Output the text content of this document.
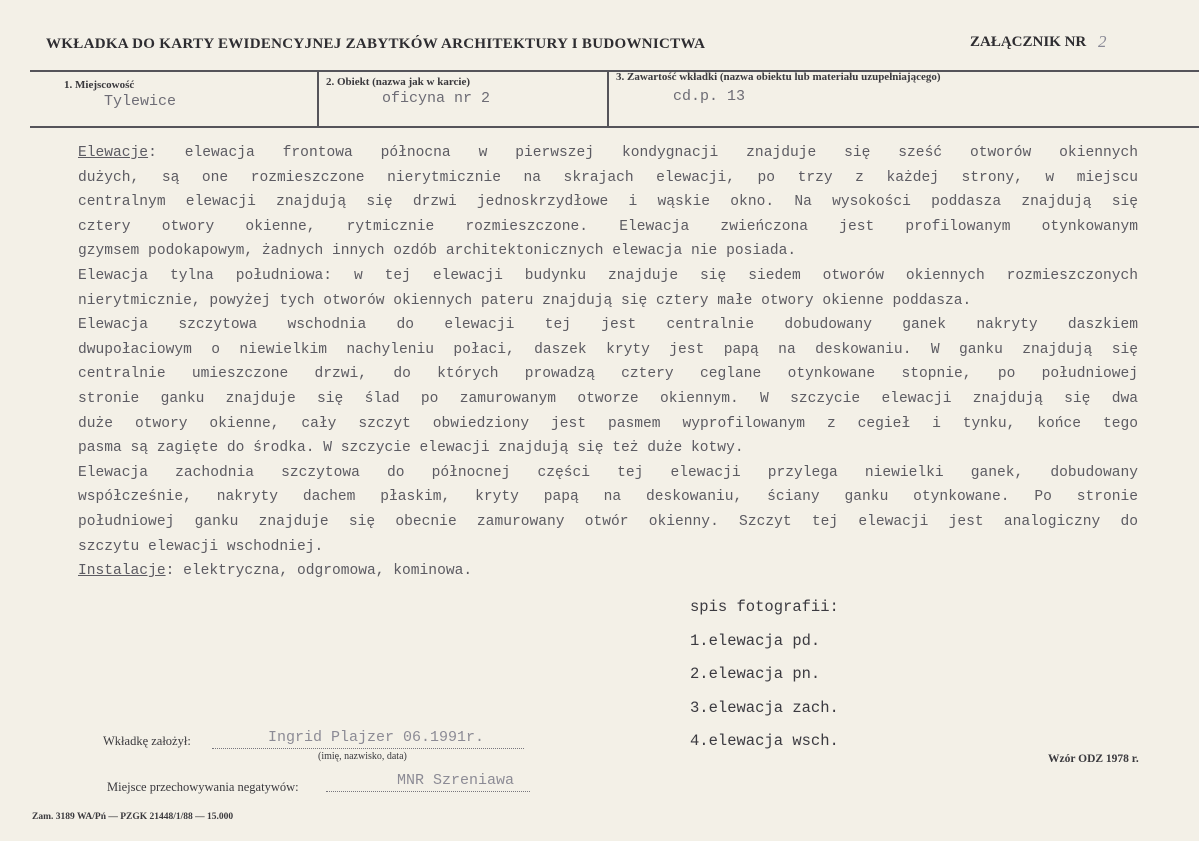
WKŁADKA DO KARTY EWIDENCYJNEJ ZABYTKÓW ARCHITEKTURY I BUDOWNICTWA	ZAŁĄCZNIK NR 2
1. Miejscowość
Tylewice
2. Obiekt (nazwa jak w karcie)
oficyna nr 2
3. Zawartość wkładki (nazwa obiektu lub materiału uzupełniającego)
cd.p. 13
Elewacje: elewacja frontowa północna w pierwszej kondygnacji znajduje się sześć otworów okiennych
dużych, są one rozmieszczone nierytmicznie na skrajach elewacji, po trzy z każdej strony, w miejscu
centralnym elewacji znajdują się drzwi jednoskrzydłowe i wąskie okno. Na wysokości poddasza znajdują się
cztery otwory okienne, rytmicznie rozmieszczone. Elewacja zwieńczona jest profilowanym otynkowanym
gzymsem podokapowym, żadnych innych ozdób architektonicznych elewacja nie posiada.
Elewacja tylna południowa: w tej elewacji budynku znajduje się siedem otworów okiennych rozmieszczonych
nierytmicznie, powyżej tych otworów okiennych pateru znajdują się cztery małe otwory okienne poddasza.
Elewacja szczytowa wschodnia do elewacji tej jest centralnie dobudowany ganek nakryty daszkiem
dwupołaciowym o niewielkim nachyleniu połaci, daszek kryty jest papą na deskowaniu. W ganku znajdują się
centralnie umieszczone drzwi, do których prowadzą cztery ceglane otynkowane stopnie, po południowej
stronie ganku znajduje się ślad po zamurowanym otworze okiennym. W szczycie elewacji znajdują się dwa
duże otwory okienne, cały szczyt obwiedziony jest pasmem wyprofilowanym z cegieł i tynku, końce tego
pasma są zagięte do środka. W szczycie elewacji znajdują się też duże kotwy.
Elewacja zachodnia szczytowa do północnej części tej elewacji przylega niewielki ganek, dobudowany
współcześnie, nakryty dachem płaskim, kryty papą na deskowaniu, ściany ganku otynkowane. Po stronie
południowej ganku znajduje się obecnie zamurowany otwór okienny. Szczyt tej elewacji jest analogiczny do
szczytu elewacji wschodniej.
Instalacje: elektryczna, odgromowa, kominowa.
spis fotografii:
1.elewacja pd.
2.elewacja pn.
3.elewacja zach.
4.elewacja wsch.
Wkładkę założył:	Ingrid Plajzer 06.1991r.
(imię, nazwisko, data)
Miejsce przechowywania negatywów:	MNR Szreniawa
Wzór ODZ 1978 r.
Zam. 3189 WA/Pń — PZGK 21448/1/88 — 15.000
